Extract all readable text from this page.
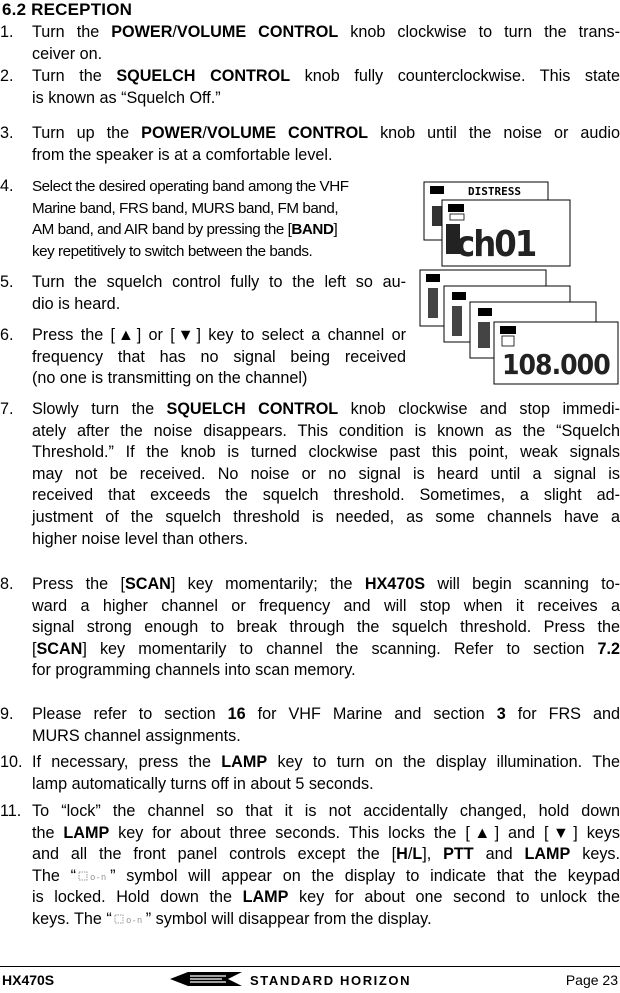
6.2 RECEPTION
1.	Turn the POWER/VOLUME CONTROL knob clockwise to turn the trans-

ceiver on.

2.	Turn the SQUELCH CONTROL knob fully counterclockwise. This state

is known as “Squelch Off.”

3.	Turn up the POWER/VOLUME CONTROL knob until the noise or audio

from the speaker is at a comfortable level.

4.	Select the desired operating band among the VHF

Marine band, FRS band, MURS band, FM band,

AM band, and AIR band by pressing the [BAND]

key repetitively to switch between the bands.

5.	Turn the squelch control fully to the left so au-

dio is heard.

6.	Press the [▲] or [▼] key to select a channel or

frequency that has no signal being received

(no one is transmitting on the channel)

7.	Slowly turn the SQUELCH CONTROL knob clockwise and stop immedi-

ately after the noise disappears. This condition is known as the “Squelch

Threshold.” If the knob is turned clockwise past this point, weak signals

may not be received. No noise or no signal is heard until a signal is

received that exceeds the squelch threshold. Sometimes, a slight ad-

justment of the squelch threshold is needed, as some channels have a

higher noise level than others.

8.	Press the [SCAN] key momentarily; the HX470S will begin scanning to-

ward a higher channel or frequency and will stop when it receives a

signal strong enough to break through the squelch threshold. Press the

[SCAN] key momentarily to channel the scanning. Refer to section 7.2

for programming channels into scan memory.

9.	Please refer to section 16 for VHF Marine and section 3 for FRS and

MURS channel assignments.

10. If necessary, press the LAMP key to turn on the display illumination. The

lamp automatically turns off in about 5 seconds.

11. To “lock” the channel so that it is not accidentally changed, hold down

the LAMP key for about three seconds. This locks the [▲] and [▼] keys

and all the front panel controls except the [H/L], PTT and LAMP keys.

The “ o-n ” symbol will appear on the display to indicate that the keypad

is locked. Hold down the LAMP key for about one second to unlock the

keys. The “ o-n ” symbol will disappear from the display.

DISTRESS
ch01
108.000
HX470S	STANDARD HORIZON	Page 23
